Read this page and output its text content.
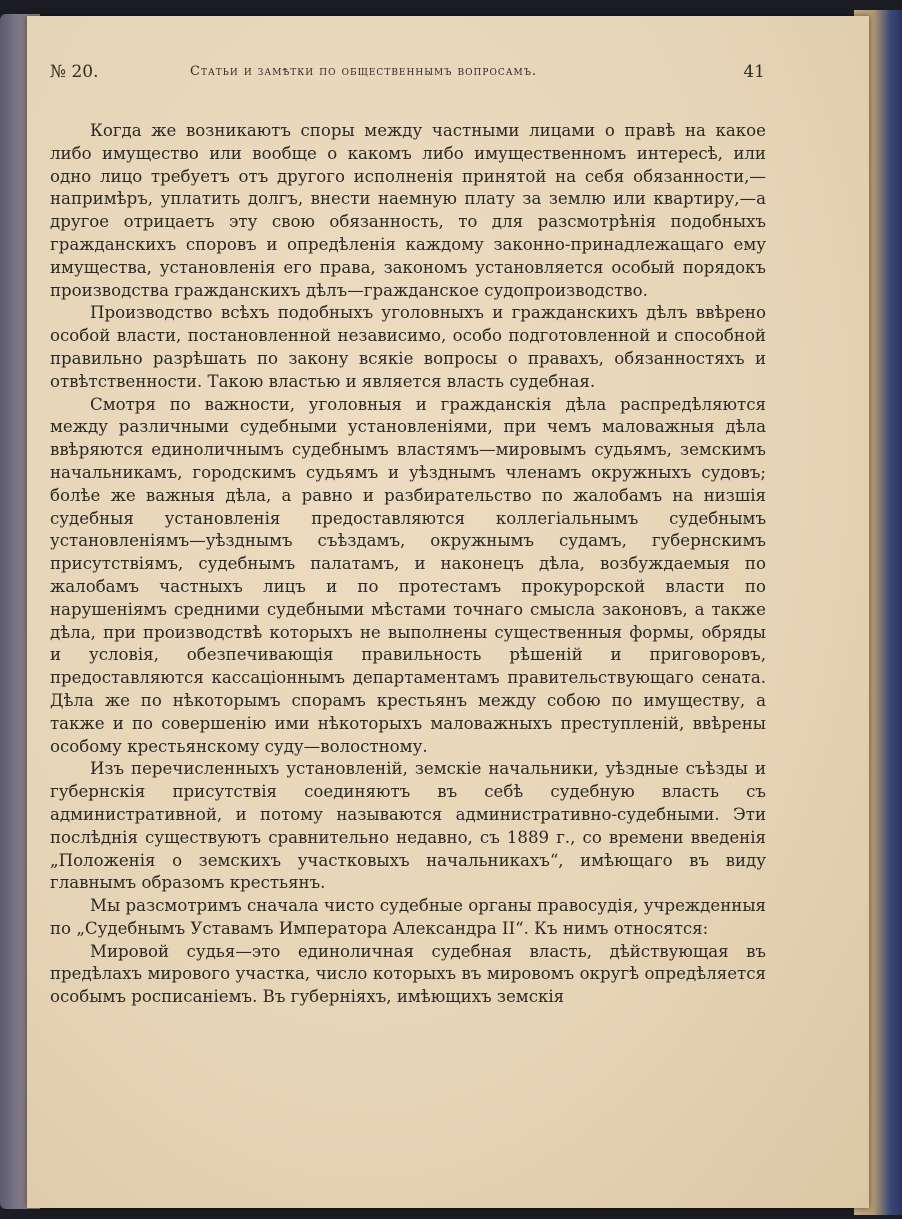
№ 20.	Статьи и замѣтки по общественнымъ вопросамъ.	41

Когда же возникаютъ споры между частными лицами о правѣ на какое либо имущество или вообще о какомъ либо имущественномъ интересѣ, или одно лицо требуетъ отъ другого исполненія принятой на себя обязанности,—напримѣръ, уплатить долгъ, внести наемную плату за землю или квартиру,—а другое отрицаетъ эту свою обязанность, то для разсмотрѣнія подобныхъ гражданскихъ споровъ и опредѣленія каждому законно-принадлежащаго ему имущества, установленія его права, закономъ установляется особый порядокъ производства гражданскихъ дѣлъ—гражданское судопроизводство.

Производство всѣхъ подобныхъ уголовныхъ и гражданскихъ дѣлъ ввѣрено особой власти, постановленной независимо, особо подготовленной и способной правильно разрѣшать по закону всякіе вопросы о правахъ, обязанностяхъ и отвѣтственности. Такою властью и является власть судебная.

Смотря по важности, уголовныя и гражданскія дѣла распредѣляются между различными судебными установленіями, при чемъ маловажныя дѣла ввѣряются единоличнымъ судебнымъ властямъ—мировымъ судьямъ, земскимъ начальникамъ, городскимъ судьямъ и уѣзднымъ членамъ окружныхъ судовъ; болѣе же важныя дѣла, а равно и разбирательство по жалобамъ на низшія судебныя установленія предоставляются коллегіальнымъ судебнымъ установленіямъ—уѣзднымъ съѣздамъ, окружнымъ судамъ, губернскимъ присутствіямъ, судебнымъ палатамъ, и наконецъ дѣла, возбуждаемыя по жалобамъ частныхъ лицъ и по протестамъ прокурорской власти по нарушеніямъ средними судебными мѣстами точнаго смысла законовъ, а также дѣла, при производствѣ которыхъ не выполнены существенныя формы, обряды и условія, обезпечивающія правильность рѣшеній и приговоровъ, предоставляются кассаціоннымъ департаментамъ правительствующаго сената. Дѣла же по нѣкоторымъ спорамъ крестьянъ между собою по имуществу, а также и по совершенію ими нѣкоторыхъ маловажныхъ преступленій, ввѣрены особому крестьянскому суду—волостному.

Изъ перечисленныхъ установленій, земскіе начальники, уѣздные съѣзды и губернскія присутствія соединяютъ въ себѣ судебную власть съ административной, и потому называются административно-судебными. Эти послѣднія существуютъ сравнительно недавно, съ 1889 г., со времени введенія „Положенія о земскихъ участковыхъ начальникахъ“, имѣющаго въ виду главнымъ образомъ крестьянъ.

Мы разсмотримъ сначала чисто судебные органы правосудія, учрежденныя по „Судебнымъ Уставамъ Императора Александра II“. Къ нимъ относятся:

Мировой судья—это единоличная судебная власть, дѣйствующая въ предѣлахъ мирового участка, число которыхъ въ мировомъ округѣ опредѣляется особымъ росписаніемъ. Въ губерніяхъ, имѣющихъ земскія
